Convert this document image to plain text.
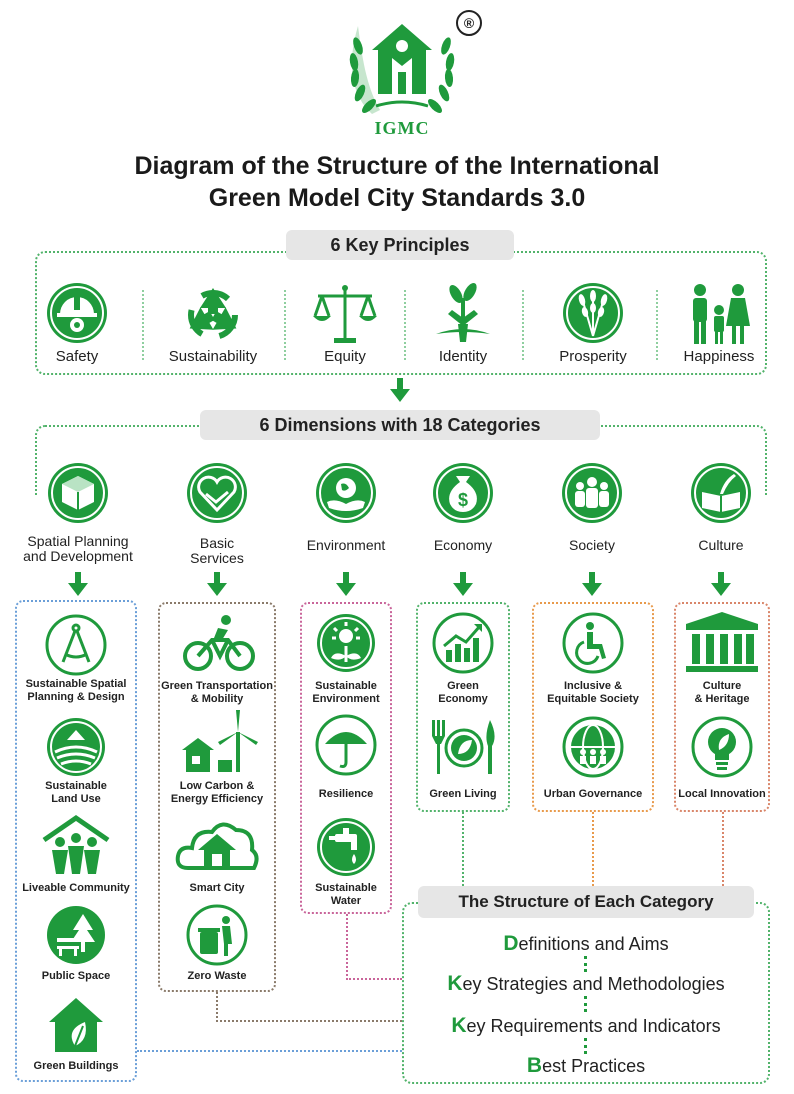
IGMC
®
Diagram of the Structure of the International
Green Model City Standards 3.0
6 Key Principles
Safety	Sustainability	Equity	Identity	Prosperity	Happiness
6 Dimensions with 18 Categories
$
Spatial Planning
and Development
Basic
Services
Environment	Economy	Society	Culture
Sustainable Spatial
Planning & Design
Sustainable
Land Use
Liveable Community
Public Space
Green Buildings
Green Transportation
& Mobility
Low Carbon &
Energy Efficiency
Smart City
Zero Waste
Sustainable
Environment
Resilience
Sustainable
Water
Green
Economy
Green Living
Inclusive &
Equitable Society
Urban Governance
Culture
& Heritage
Local Innovation
The Structure of Each Category
Definitions and Aims
Key Strategies and Methodologies
Key Requirements and Indicators
Best Practices
